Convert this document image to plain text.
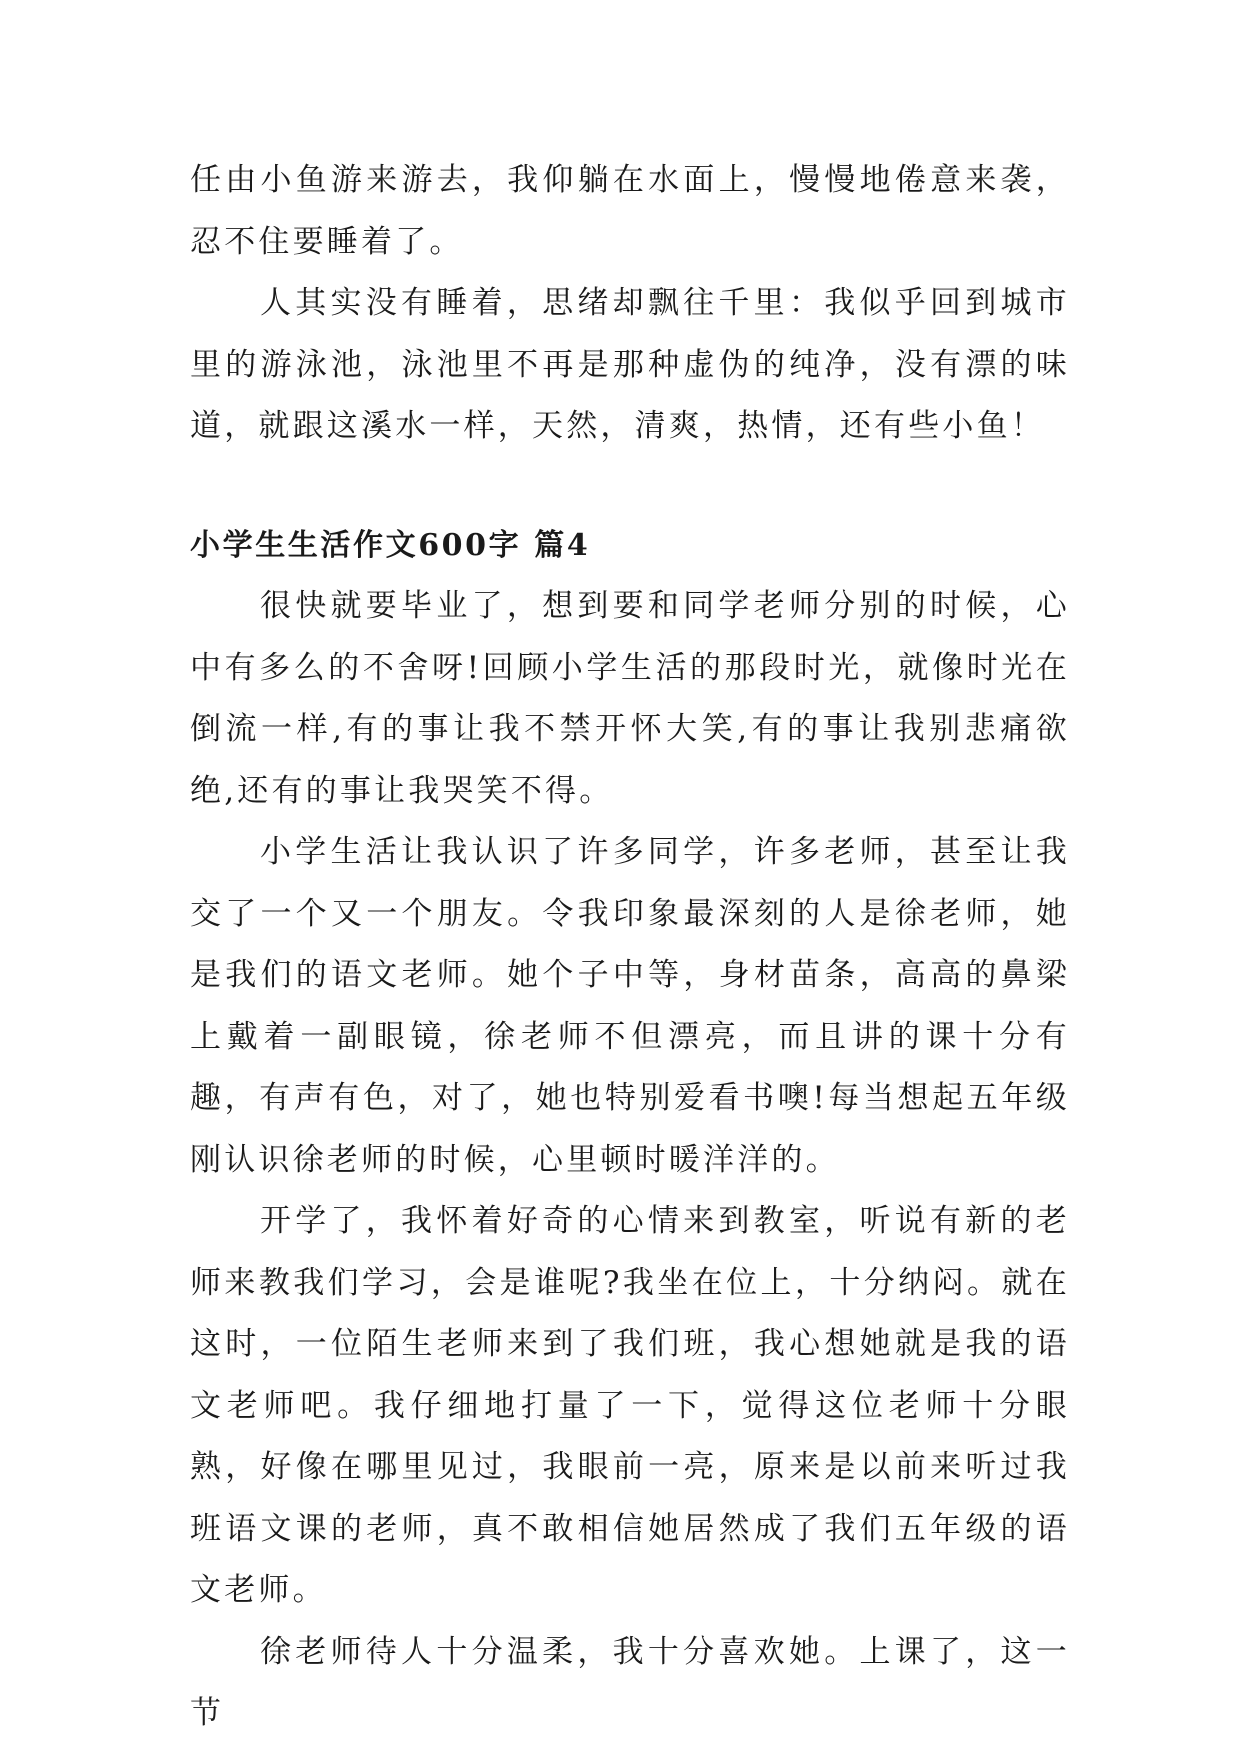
任由小鱼游来游去，我仰躺在水面上，慢慢地倦意来袭，忍不住要睡着了。

人其实没有睡着，思绪却飘往千里：我似乎回到城市里的游泳池，泳池里不再是那种虚伪的纯净，没有漂的味道，就跟这溪水一样，天然，清爽，热情，还有些小鱼！

小学生生活作文600字 篇4

很快就要毕业了，想到要和同学老师分别的时候，心中有多么的不舍呀!回顾小学生活的那段时光，就像时光在倒流一样,有的事让我不禁开怀大笑,有的事让我别悲痛欲绝,还有的事让我哭笑不得。

小学生活让我认识了许多同学，许多老师，甚至让我交了一个又一个朋友。令我印象最深刻的人是徐老师，她是我们的语文老师。她个子中等，身材苗条，高高的鼻梁上戴着一副眼镜，徐老师不但漂亮，而且讲的课十分有趣，有声有色，对了，她也特别爱看书噢!每当想起五年级刚认识徐老师的时候，心里顿时暖洋洋的。

开学了，我怀着好奇的心情来到教室，听说有新的老师来教我们学习，会是谁呢?我坐在位上，十分纳闷。就在这时，一位陌生老师来到了我们班，我心想她就是我的语文老师吧。我仔细地打量了一下，觉得这位老师十分眼熟，好像在哪里见过，我眼前一亮，原来是以前来听过我班语文课的老师，真不敢相信她居然成了我们五年级的语文老师。

徐老师待人十分温柔，我十分喜欢她。上课了，这一节
